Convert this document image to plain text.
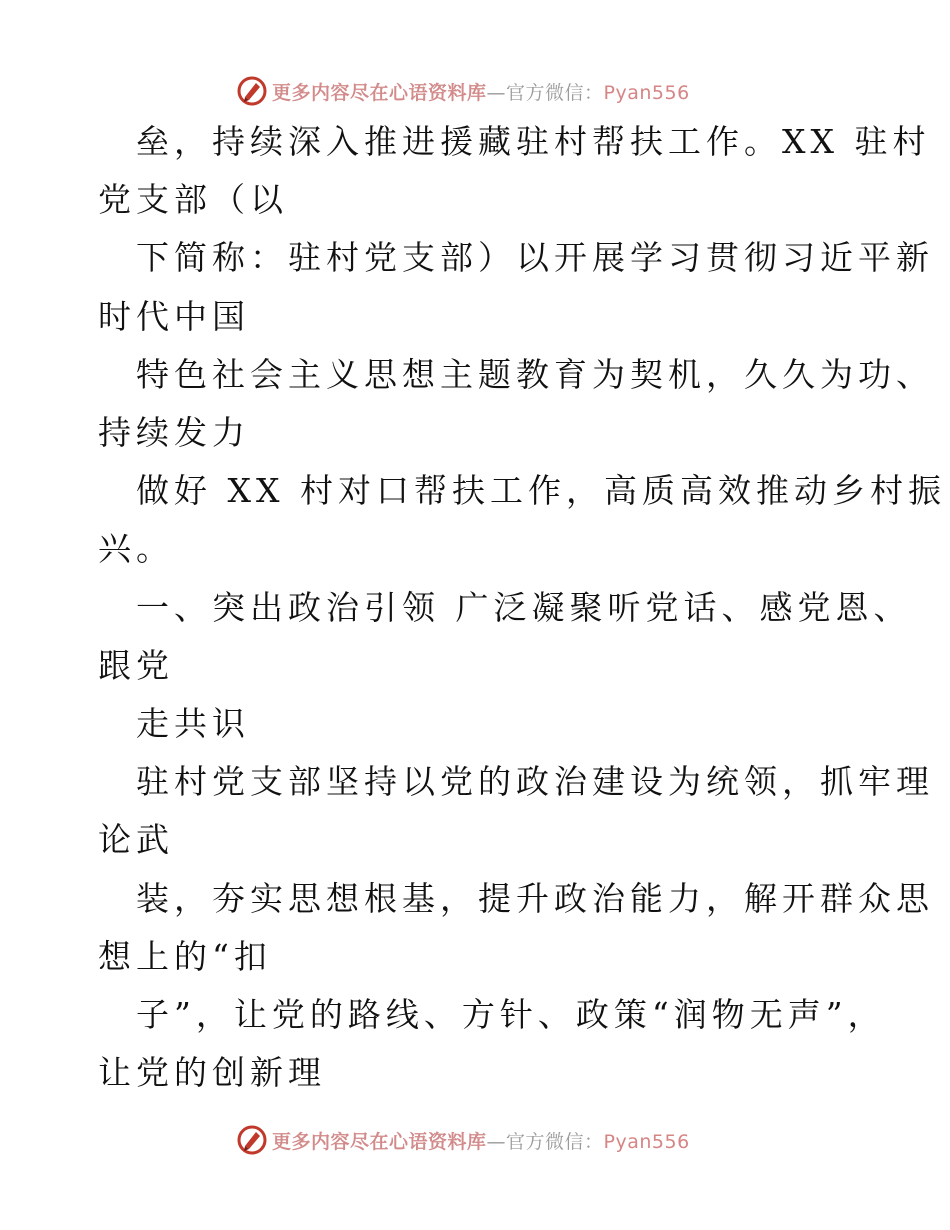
更多内容尽在心语资料库—官方微信：Pyan556
垒，持续深入推进援藏驻村帮扶工作。XX 驻村
党支部（以
下简称：驻村党支部）以开展学习贯彻习近平新
时代中国
特色社会主义思想主题教育为契机，久久为功、
持续发力
做好 XX 村对口帮扶工作，高质高效推动乡村振
兴。
一、突出政治引领 广泛凝聚听党话、感党恩、
跟党
走共识
驻村党支部坚持以党的政治建设为统领，抓牢理
论武
装，夯实思想根基，提升政治能力，解开群众思
想上的“扣
子”，让党的路线、方针、政策“润物无声”，
让党的创新理
更多内容尽在心语资料库—官方微信：Pyan556
